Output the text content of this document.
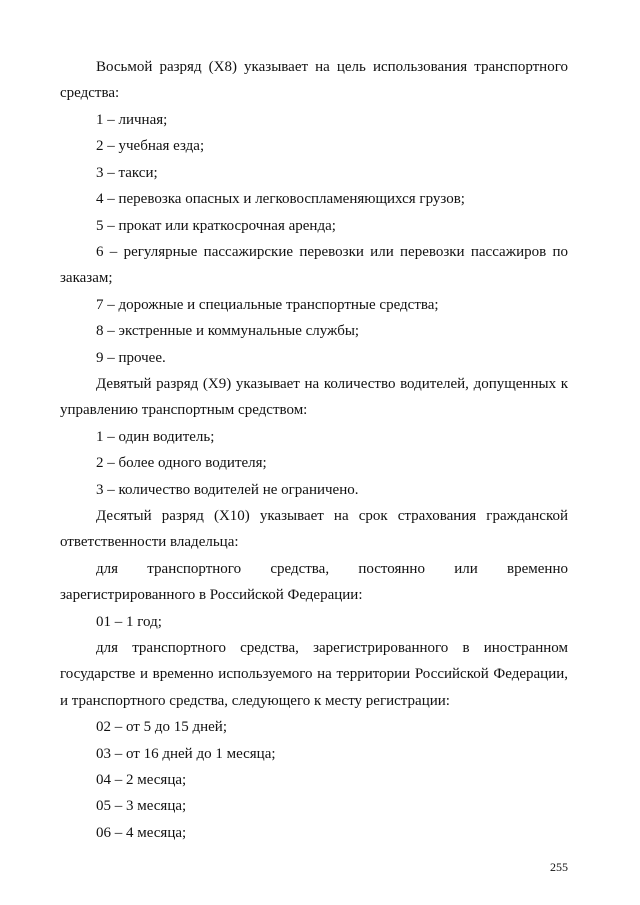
Восьмой разряд (X8) указывает на цель использования транспортного
средства:
1 – личная;
2 – учебная езда;
3 – такси;
4 – перевозка опасных и легковоспламеняющихся грузов;
5 – прокат или краткосрочная аренда;
6 – регулярные пассажирские перевозки или перевозки пассажиров по
заказам;
7 – дорожные и специальные транспортные средства;
8 – экстренные и коммунальные службы;
9 – прочее.
Девятый разряд (X9) указывает на количество водителей, допущенных к
управлению транспортным средством:
1 – один водитель;
2 – более одного водителя;
3 – количество водителей не ограничено.
Десятый разряд (X10) указывает на срок страхования гражданской
ответственности владельца:
для транспортного средства, постоянно или временно
зарегистрированного в Российской Федерации:
01 – 1 год;
для транспортного средства, зарегистрированного в иностранном
государстве и временно используемого на территории Российской Федерации,
и транспортного средства, следующего к месту регистрации:
02 – от 5 до 15 дней;
03 – от 16 дней до 1 месяца;
04 – 2 месяца;
05 – 3 месяца;
06 – 4 месяца;
255
